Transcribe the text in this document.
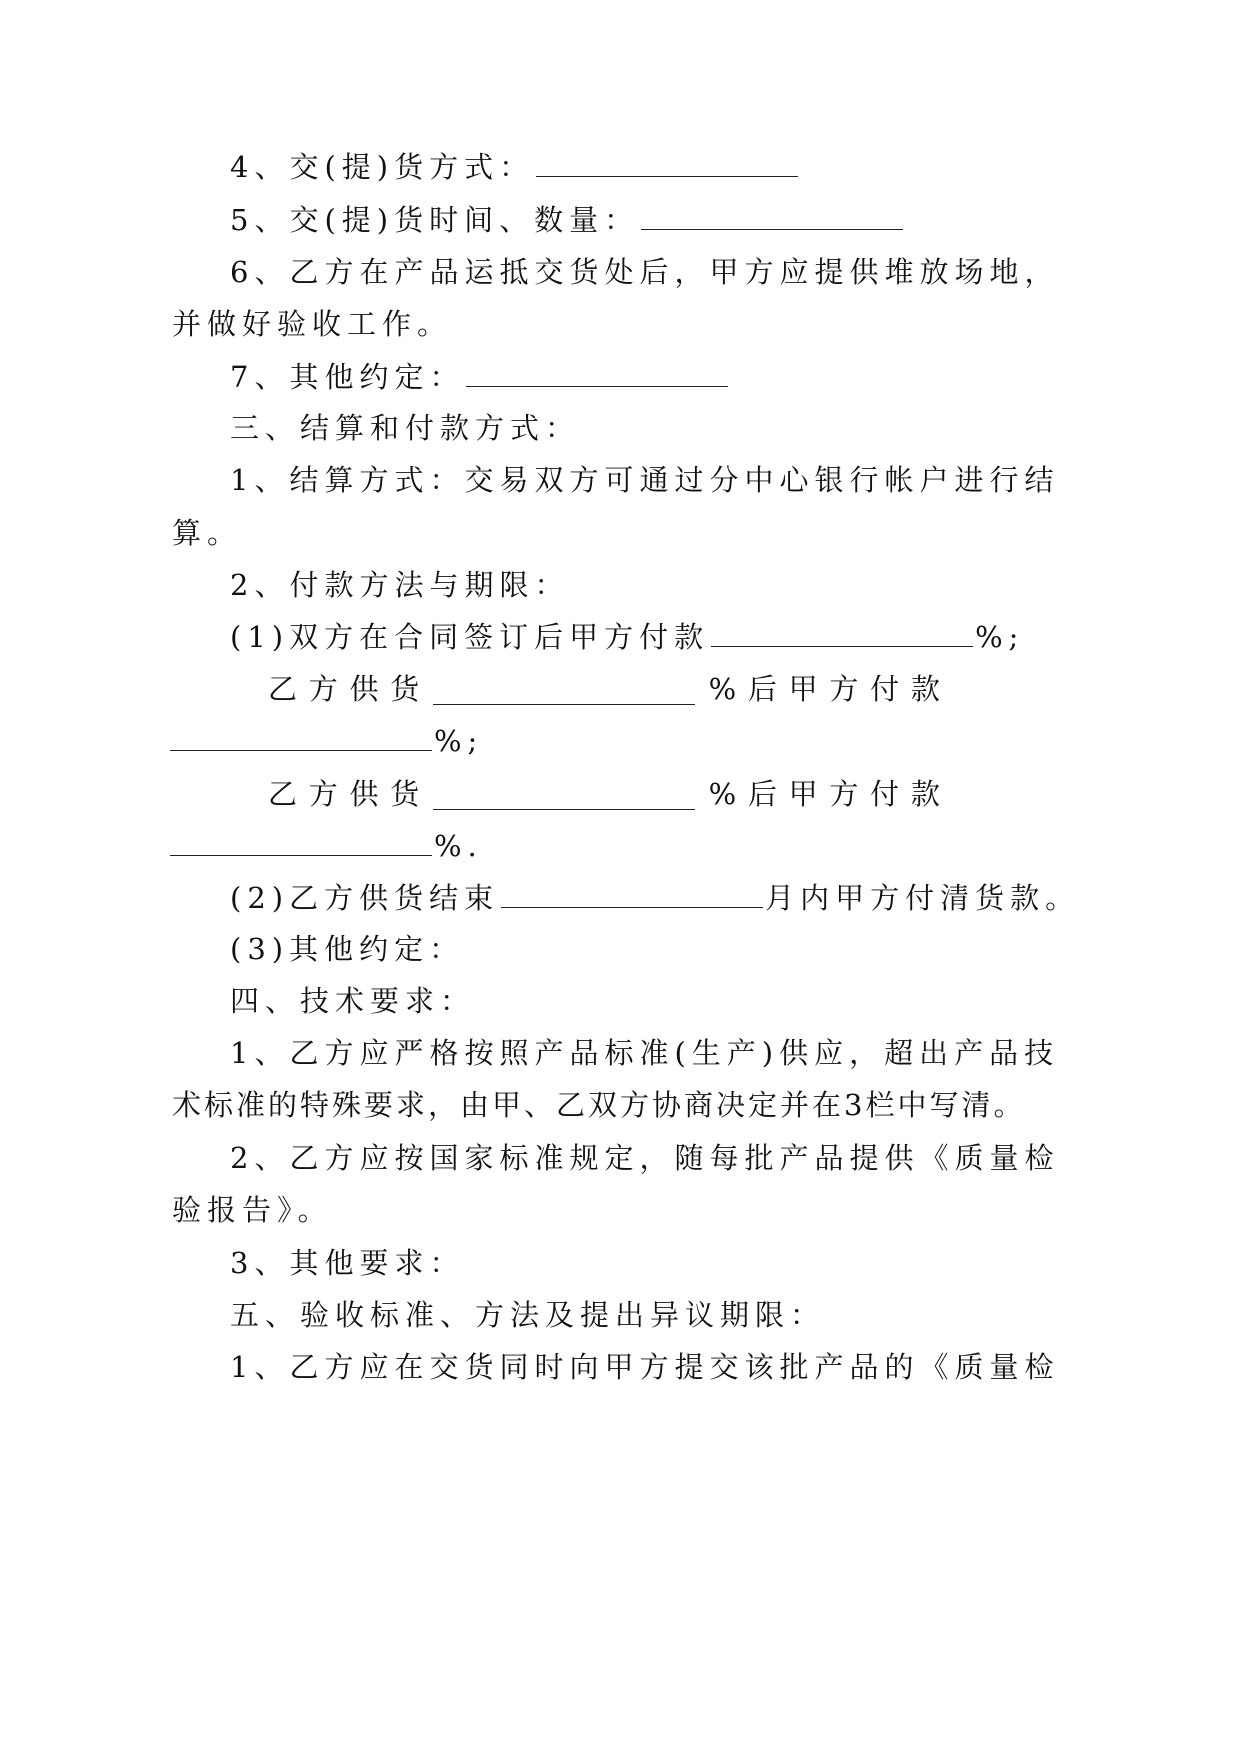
4、交(提)货方式：
5、交(提)货时间、数量：
6、乙方在产品运抵交货处后，甲方应提供堆放场地，
并做好验收工作。
7、其他约定：
三、结算和付款方式：
1、结算方式：交易双方可通过分中心银行帐户进行结
算。
2、付款方法与期限：
(1)双方在合同签订后甲方付款	%;
乙 方 供 货	% 后 甲 方 付 款
%;
乙 方 供 货	% 后 甲 方 付 款
%.
(2)乙方供货结束	月内甲方付清货款。
(3)其他约定：
四、技术要求：
1、乙方应严格按照产品标准(生产)供应，超出产品技
术标准的特殊要求，由甲、乙双方协商决定并在3栏中写清。
2、乙方应按国家标准规定，随每批产品提供《质量检
验报告》。
3、其他要求：
五、验收标准、方法及提出异议期限：
1、乙方应在交货同时向甲方提交该批产品的《质量检
